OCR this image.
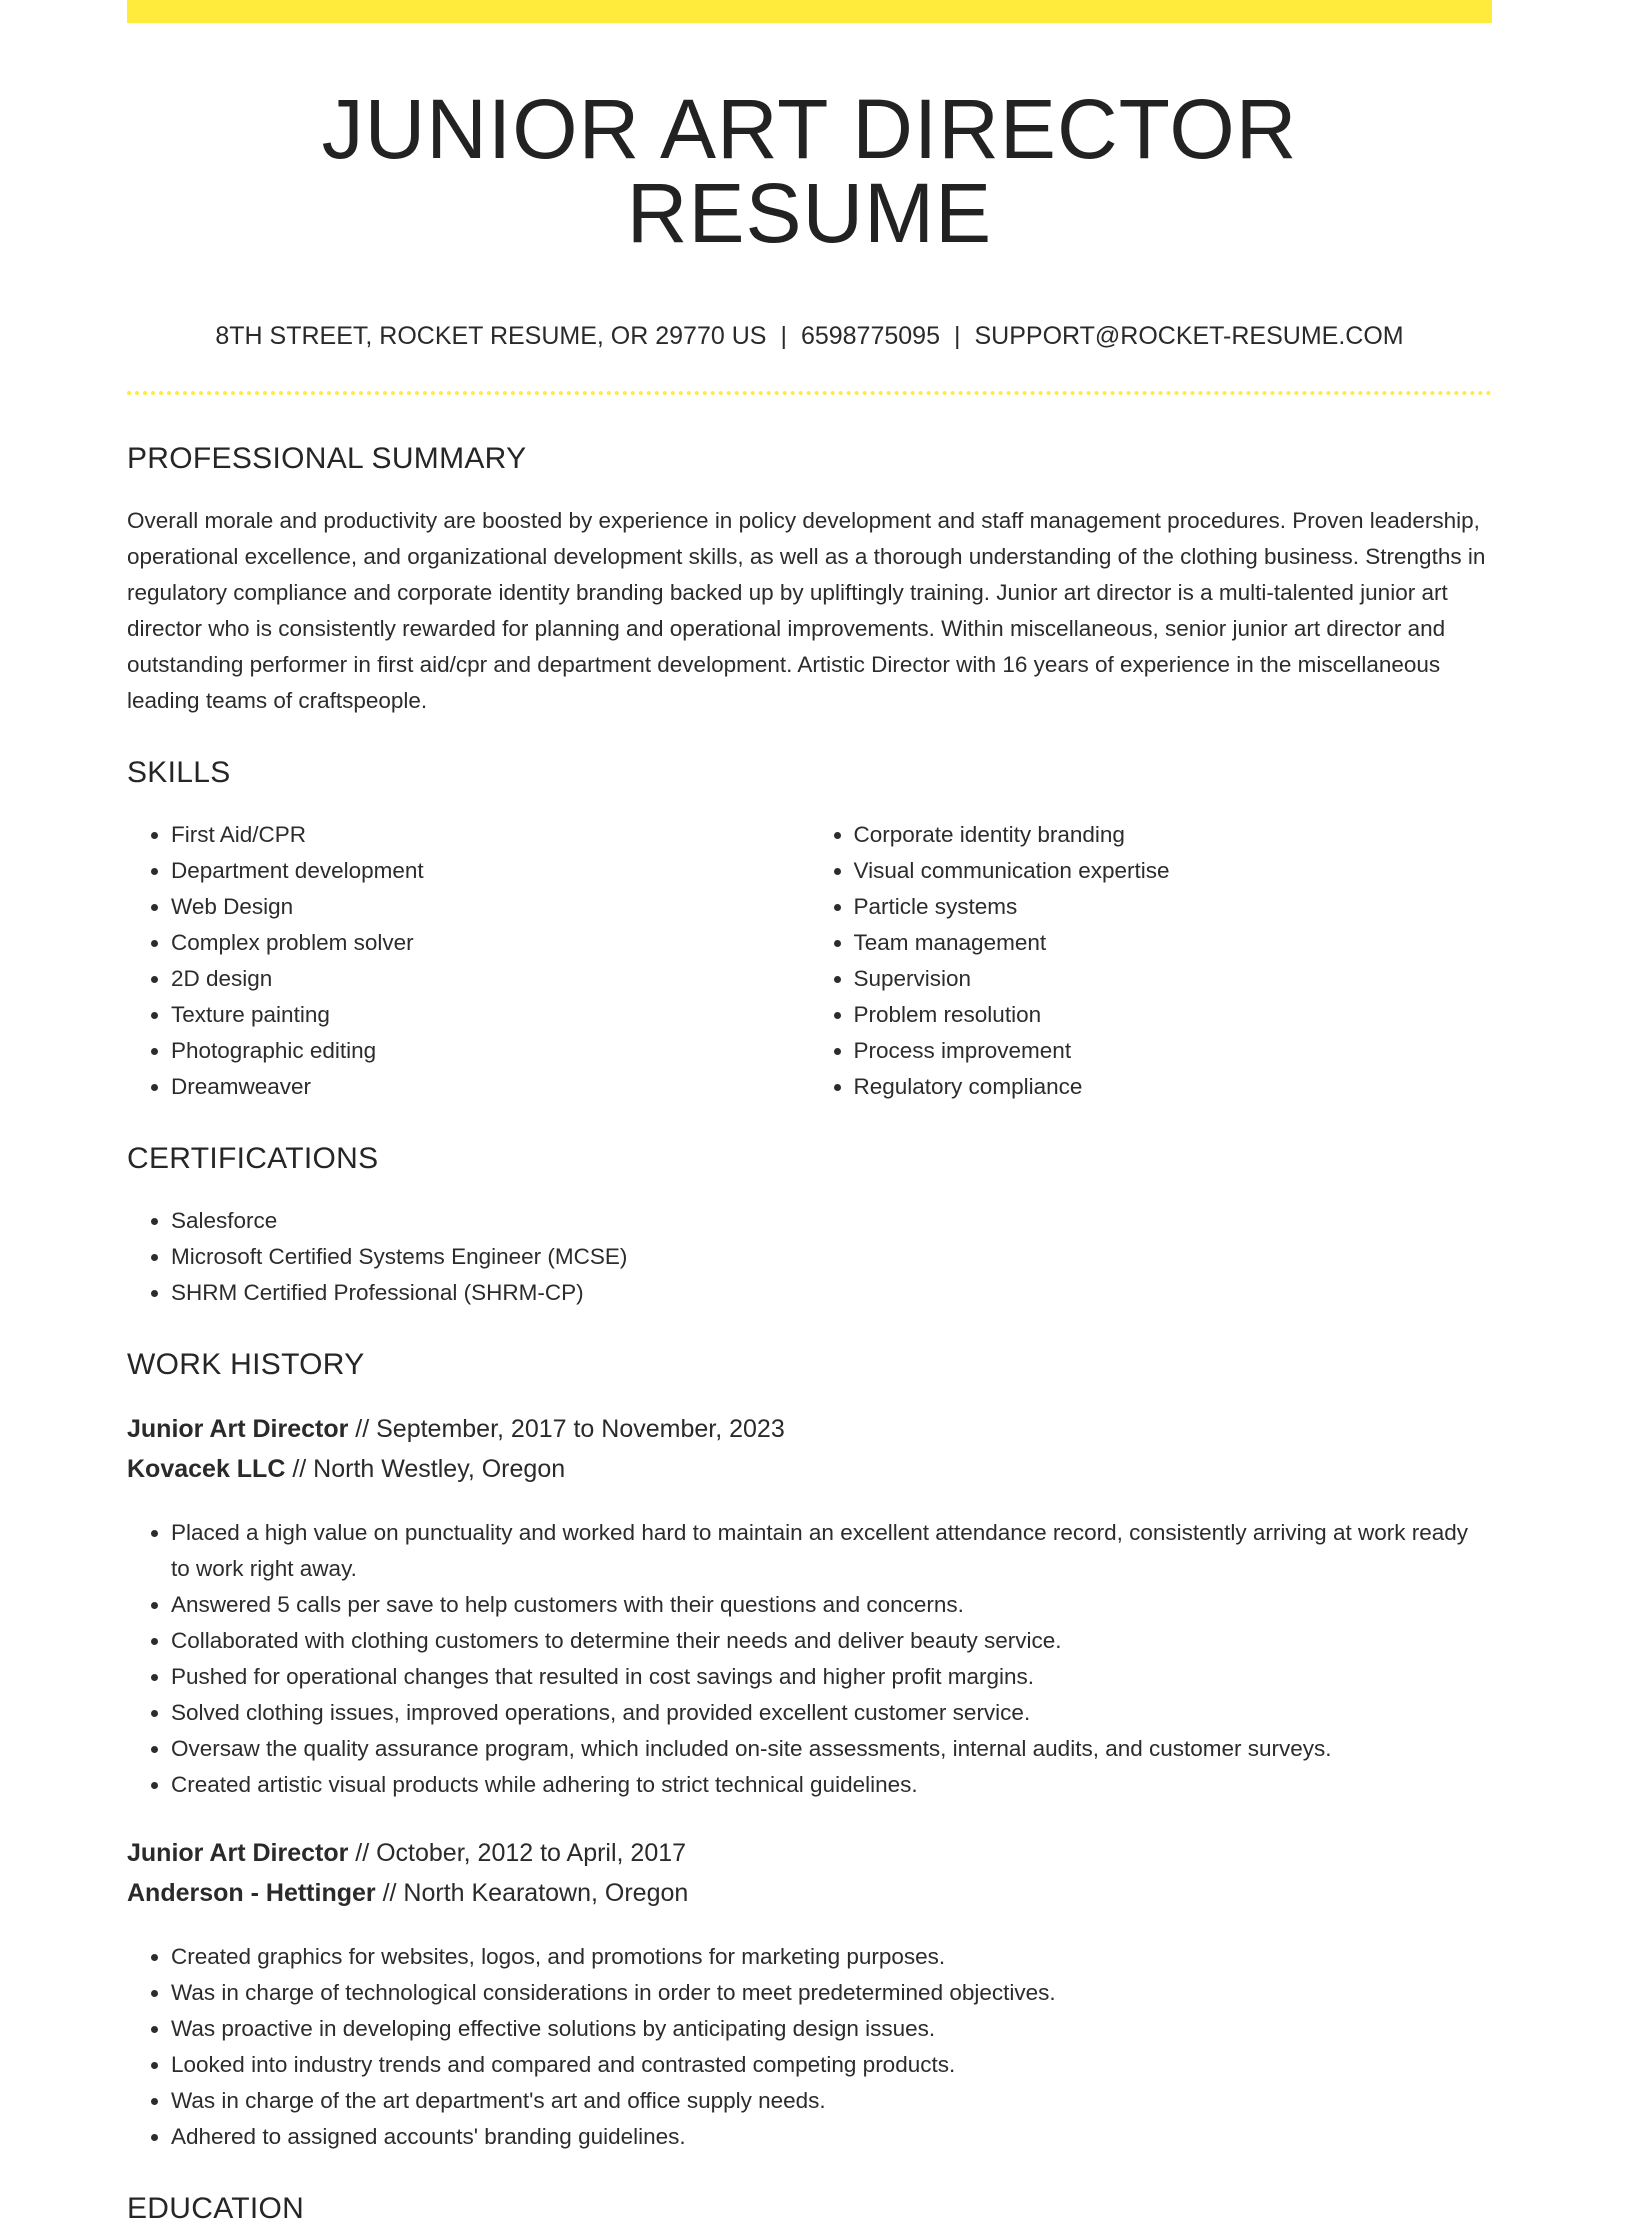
JUNIOR ART DIRECTOR RESUME
8TH STREET, ROCKET RESUME, OR 29770 US | 6598775095 | SUPPORT@ROCKET-RESUME.COM
PROFESSIONAL SUMMARY

Overall morale and productivity are boosted by experience in policy development and staff management procedures. Proven leadership, operational excellence, and organizational development skills, as well as a thorough understanding of the clothing business. Strengths in regulatory compliance and corporate identity branding backed up by upliftingly training. Junior art director is a multi-talented junior art director who is consistently rewarded for planning and operational improvements. Within miscellaneous, senior junior art director and outstanding performer in first aid/cpr and department development. Artistic Director with 16 years of experience in the miscellaneous leading teams of craftspeople.

SKILLS
• First Aid/CPR
• Department development
• Web Design
• Complex problem solver
• 2D design
• Texture painting
• Photographic editing
• Dreamweaver
• Corporate identity branding
• Visual communication expertise
• Particle systems
• Team management
• Supervision
• Problem resolution
• Process improvement
• Regulatory compliance
CERTIFICATIONS
• Salesforce
• Microsoft Certified Systems Engineer (MCSE)
• SHRM Certified Professional (SHRM-CP)
WORK HISTORY
Junior Art Director // September, 2017 to November, 2023
Kovacek LLC // North Westley, Oregon
• Placed a high value on punctuality and worked hard to maintain an excellent attendance record, consistently arriving at work ready to work right away.
• Answered 5 calls per save to help customers with their questions and concerns.
• Collaborated with clothing customers to determine their needs and deliver beauty service.
• Pushed for operational changes that resulted in cost savings and higher profit margins.
• Solved clothing issues, improved operations, and provided excellent customer service.
• Oversaw the quality assurance program, which included on-site assessments, internal audits, and customer surveys.
• Created artistic visual products while adhering to strict technical guidelines.
Junior Art Director // October, 2012 to April, 2017
Anderson - Hettinger // North Kearatown, Oregon
• Created graphics for websites, logos, and promotions for marketing purposes.
• Was in charge of technological considerations in order to meet predetermined objectives.
• Was proactive in developing effective solutions by anticipating design issues.
• Looked into industry trends and compared and contrasted competing products.
• Was in charge of the art department's art and office supply needs.
• Adhered to assigned accounts' branding guidelines.
EDUCATION
